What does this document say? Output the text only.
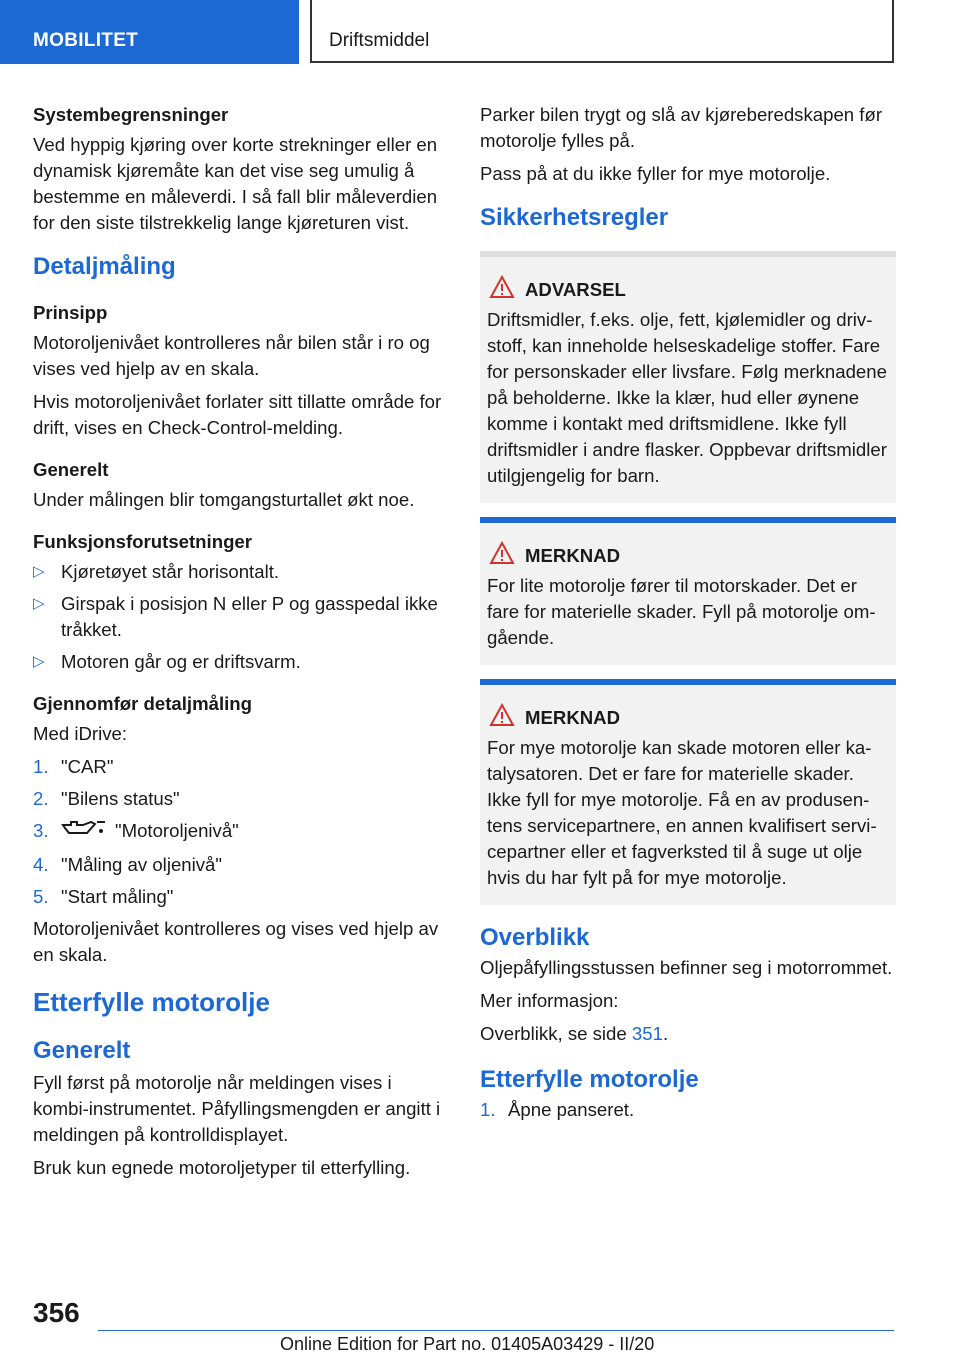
MOBILITET	Driftsmiddel
Systembegrensninger

Ved hyppig kjøring over korte strekninger eller en dynamisk kjøremåte kan det vise seg umulig å bestemme en måleverdi. I så fall blir måleverdien for den siste tilstrekkelig lange kjøreturen vist.

Detaljmåling
Prinsipp

Motoroljenivået kontrolleres når bilen står i ro og vises ved hjelp av en skala.

Hvis motoroljenivået forlater sitt tillatte område for drift, vises en Check-Control-melding.

Generelt

Under målingen blir tomgangsturtallet økt noe.

Funksjonsforutsetninger
▷ Kjøretøyet står horisontalt.
▷ Girspak i posisjon N eller P og gasspedal ikke tråkket.
▷ Motoren går og er driftsvarm.
Gjennomfør detaljmåling

Med iDrive:

1. "CAR"
2. "Bilens status"
3.	"Motoroljenivå"
4. "Måling av oljenivå"
5. "Start måling"

Motoroljenivået kontrolleres og vises ved hjelp av en skala.

Etterfylle motorolje
Generelt

Fyll først på motorolje når meldingen vises i kombi-instrumentet. Påfyllingsmengden er angitt i meldingen på kontrolldisplayet.

Bruk kun egnede motoroljetyper til etterfylling.

Parker bilen trygt og slå av kjøreberedskapen før motorolje fylles på.

Pass på at du ikke fyller for mye motorolje.

Sikkerhetsregler
ADVARSEL

Driftsmidler, f.eks. olje, fett, kjølemidler og drivstoff, kan inneholde helseskadelige stoffer. Fare for personskader eller livsfare. Følg merknadene på beholderne. Ikke la klær, hud eller øynene komme i kontakt med driftsmidlene. Ikke fyll driftsmidler i andre flasker. Oppbevar driftsmidler utilgjengelig for barn.

MERKNAD

For lite motorolje fører til motorskader. Det er fare for materielle skader. Fyll på motorolje omgående.

MERKNAD

For mye motorolje kan skade motoren eller katalysatoren. Det er fare for materielle skader. Ikke fyll for mye motorolje. Få en av produsentens servicepartnere, en annen kvalifisert servicepartner eller et fagverksted til å suge ut olje hvis du har fylt på for mye motorolje.

Overblikk

Oljepåfyllingsstussen befinner seg i motorrommet.

Mer informasjon:

Overblikk, se side 351.

Etterfylle motorolje
1. Åpne panseret.
356
Online Edition for Part no. 01405A03429 - II/20
